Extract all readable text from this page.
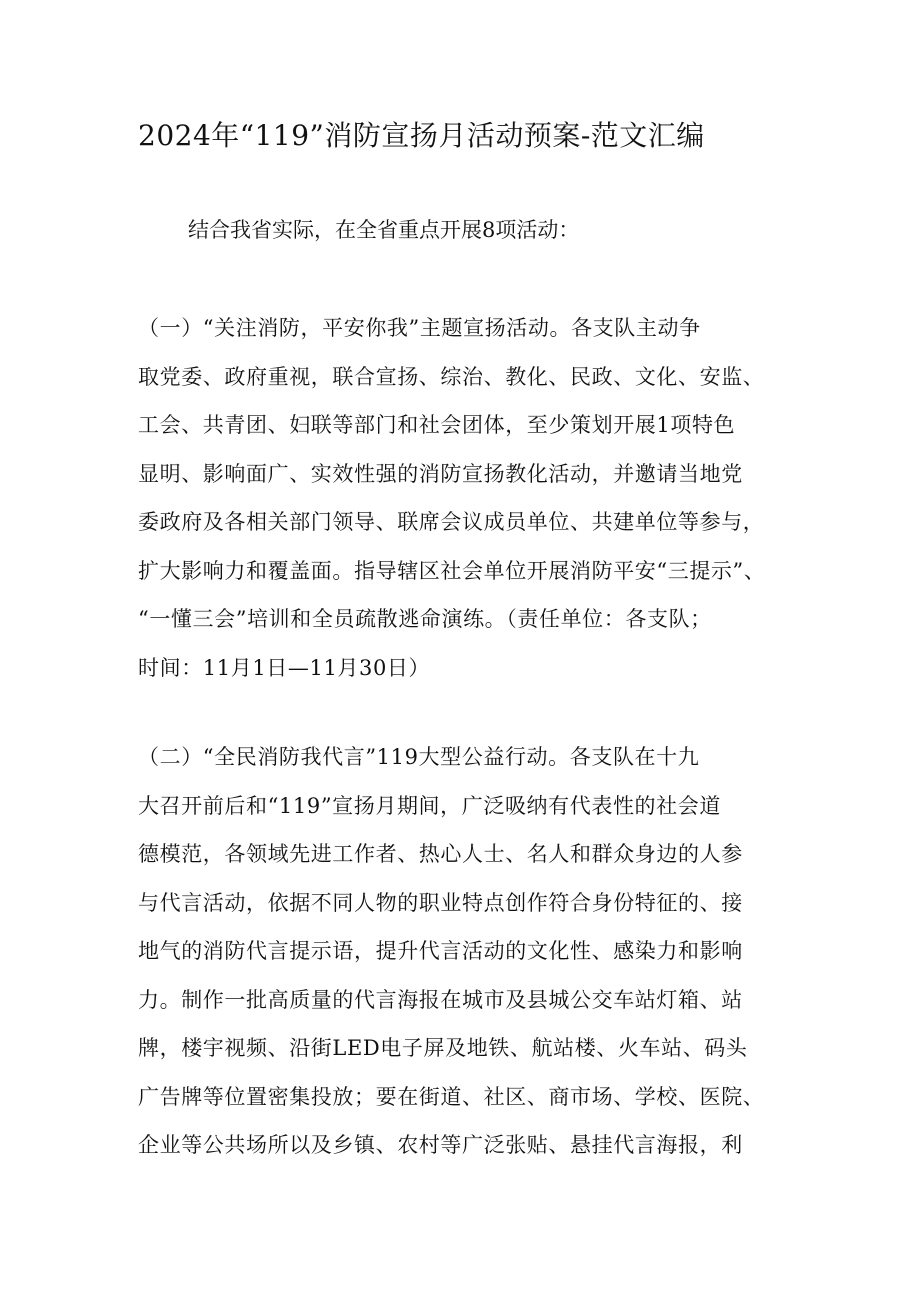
2024年“119”消防宣扬月活动预案-范文汇编
结合我省实际，在全省重点开展8项活动：
（一）“关注消防，平安你我”主题宣扬活动。各支队主动争
取党委、政府重视，联合宣扬、综治、教化、民政、文化、安监、
工会、共青团、妇联等部门和社会团体，至少策划开展1项特色
显明、影响面广、实效性强的消防宣扬教化活动，并邀请当地党
委政府及各相关部门领导、联席会议成员单位、共建单位等参与，
扩大影响力和覆盖面。指导辖区社会单位开展消防平安“三提示”、
“一懂三会”培训和全员疏散逃命演练。（责任单位：各支队；
时间：11月1日—11月30日）
（二）“全民消防我代言”119大型公益行动。各支队在十九
大召开前后和“119”宣扬月期间，广泛吸纳有代表性的社会道
德模范，各领域先进工作者、热心人士、名人和群众身边的人参
与代言活动，依据不同人物的职业特点创作符合身份特征的、接
地气的消防代言提示语，提升代言活动的文化性、感染力和影响
力。制作一批高质量的代言海报在城市及县城公交车站灯箱、站
牌，楼宇视频、沿街LED电子屏及地铁、航站楼、火车站、码头
广告牌等位置密集投放；要在街道、社区、商市场、学校、医院、
企业等公共场所以及乡镇、农村等广泛张贴、悬挂代言海报，利
